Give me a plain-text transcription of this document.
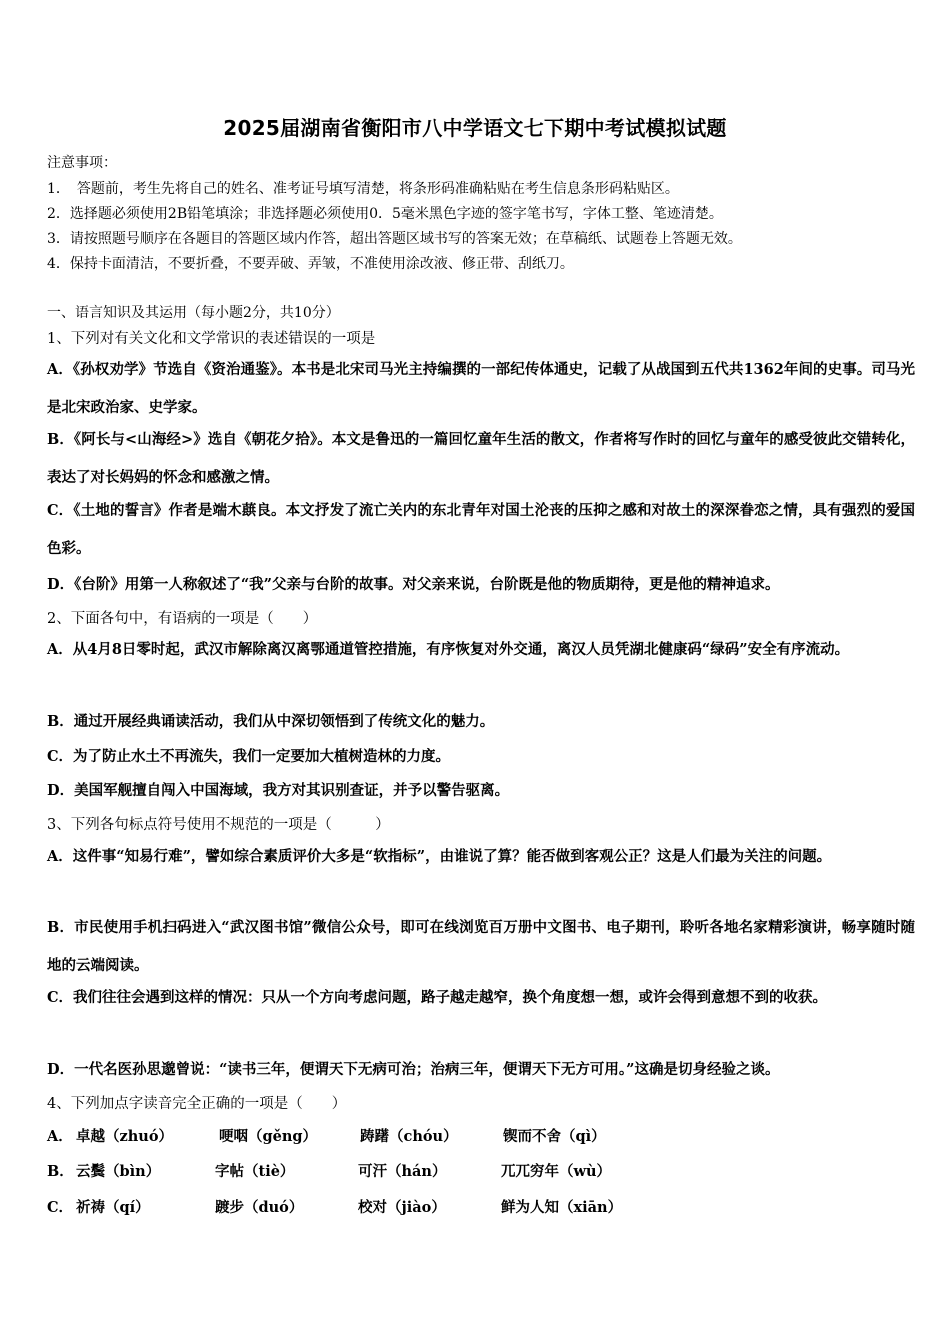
2025届湖南省衡阳市八中学语文七下期中考试模拟试题
注意事项：
1．　答题前，考生先将自己的姓名、准考证号填写清楚，将条形码准确粘贴在考生信息条形码粘贴区。
2．选择题必须使用2B铅笔填涂；非选择题必须使用0．5毫米黑色字迹的签字笔书写，字体工整、笔迹清楚。
3．请按照题号顺序在各题目的答题区域内作答，超出答题区域书写的答案无效；在草稿纸、试题卷上答题无效。
4．保持卡面清洁，不要折叠，不要弄破、弄皱，不准使用涂改液、修正带、刮纸刀。
一、语言知识及其运用（每小题2分，共10分）
1、下列对有关文化和文学常识的表述错误的一项是
A．《孙权劝学》节选自《资治通鉴》。本书是北宋司马光主持编撰的一部纪传体通史，记载了从战国到五代共1362年间的史事。司马光是北宋政治家、史学家。
B．《阿长与<山海经>》选自《朝花夕拾》。本文是鲁迅的一篇回忆童年生活的散文，作者将写作时的回忆与童年的感受彼此交错转化，表达了对长妈妈的怀念和感激之情。
C．《土地的誓言》作者是端木蕻良。本文抒发了流亡关内的东北青年对国土沦丧的压抑之感和对故土的深深眷恋之情，具有强烈的爱国色彩。
D．《台阶》用第一人称叙述了“我”父亲与台阶的故事。对父亲来说，台阶既是他的物质期待，更是他的精神追求。
2、下面各句中，有语病的一项是（　　）
A．从4月8日零时起，武汉市解除离汉离鄂通道管控措施，有序恢复对外交通，离汉人员凭湖北健康码“绿码”安全有序流动。
B．通过开展经典诵读活动，我们从中深切领悟到了传统文化的魅力。
C．为了防止水土不再流失，我们一定要加大植树造林的力度。
D．美国军舰擅自闯入中国海域，我方对其识别查证，并予以警告驱离。
3、下列各句标点符号使用不规范的一项是（　　　）
A．这件事“知易行难”，譬如综合素质评价大多是“软指标”，由谁说了算？能否做到客观公正？这是人们最为关注的问题。
B．市民使用手机扫码进入“武汉图书馆”微信公众号，即可在线浏览百万册中文图书、电子期刊，聆听各地名家精彩演讲，畅享随时随地的云端阅读。
C．我们往往会遇到这样的情况：只从一个方向考虑问题，路子越走越窄，换个角度想一想，或许会得到意想不到的收获。
D．一代名医孙思邈曾说：“读书三年，便谓天下无病可治；治病三年，便谓天下无方可用。”这确是切身经验之谈。
4、下列加点字读音完全正确的一项是（　　）
A． 卓越（zhuó）	哽咽（gěng）	踌躇（chóu）	锲而不舍（qì）
B． 云鬓（bìn）	字帖（tiè）	可汗（hán）	兀兀穷年（wù）
C． 祈祷（qí）	踱步（duó）	校对（jiào）	鲜为人知（xiān）
